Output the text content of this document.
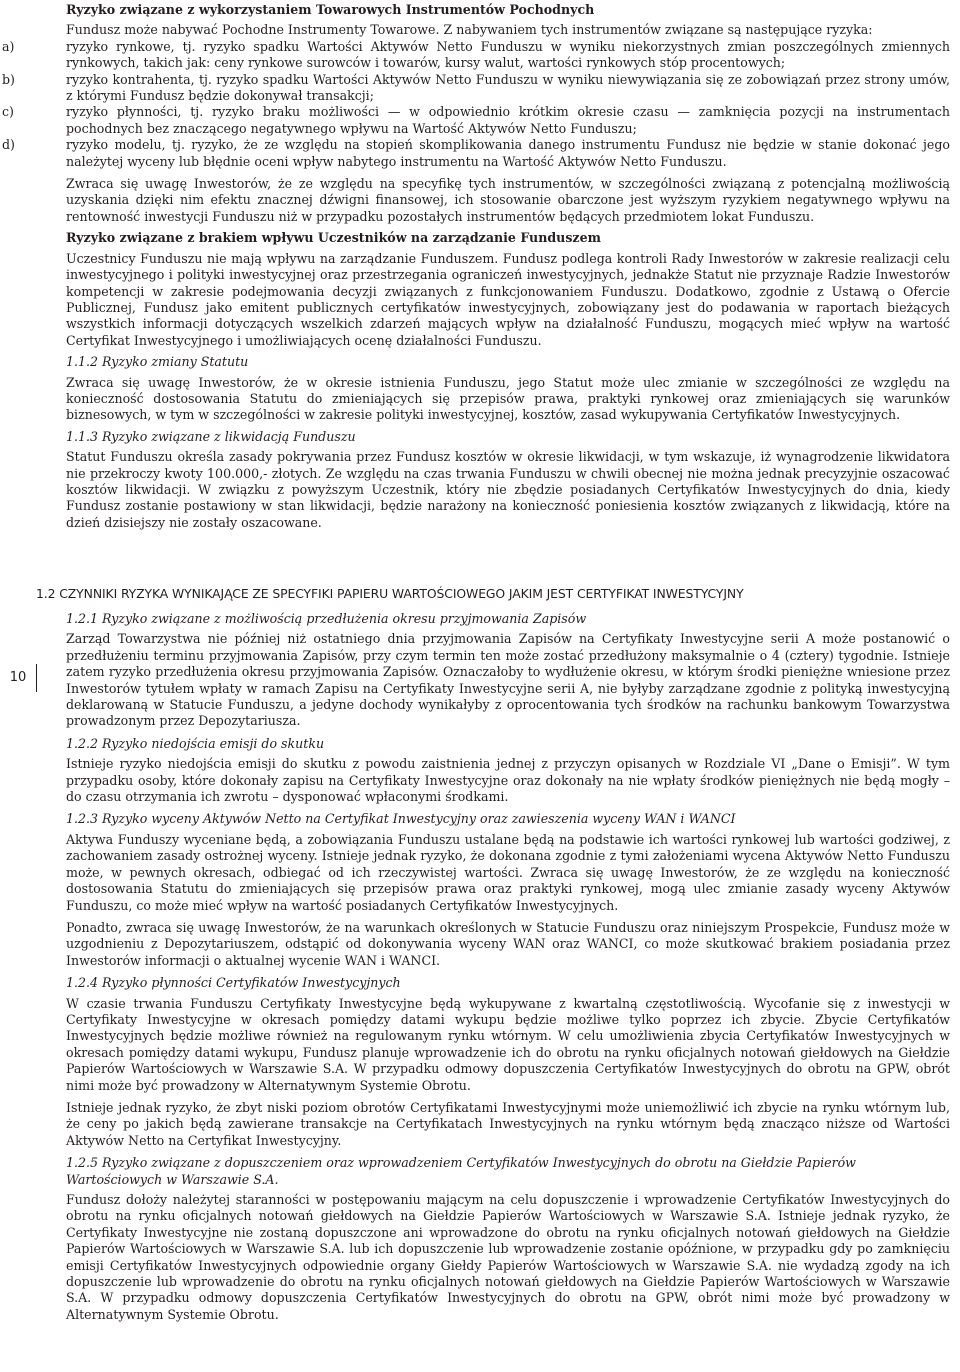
Ryzyko związane z wykorzystaniem Towarowych Instrumentów Pochodnych

Fundusz może nabywać Pochodne Instrumenty Towarowe. Z nabywaniem tych instrumentów związane są następujące ryzyka:

a)	ryzyko rynkowe, tj. ryzyko spadku Wartości Aktywów Netto Funduszu w wyniku niekorzystnych zmian poszczególnych zmiennych rynkowych, takich jak: ceny rynkowe surowców i towarów, kursy walut, wartości rynkowych stóp procentowych;
b)	ryzyko kontrahenta, tj. ryzyko spadku Wartości Aktywów Netto Funduszu w wyniku niewywiązania się ze zobowiązań przez strony umów, z którymi Fundusz będzie dokonywał transakcji;
c)	ryzyko płynności, tj. ryzyko braku możliwości — w odpowiednio krótkim okresie czasu — zamknięcia pozycji na instrumentach pochodnych bez znaczącego negatywnego wpływu na Wartość Aktywów Netto Funduszu;
d)	ryzyko modelu, tj. ryzyko, że ze względu na stopień skomplikowania danego instrumentu Fundusz nie będzie w stanie dokonać jego należytej wyceny lub błędnie oceni wpływ nabytego instrumentu na Wartość Aktywów Netto Funduszu.

Zwraca się uwagę Inwestorów, że ze względu na specyfikę tych instrumentów, w szczególności związaną z potencjalną możliwością uzyskania dzięki nim efektu znacznej dźwigni finansowej, ich stosowanie obarczone jest wyższym ryzykiem negatywnego wpływu na rentowność inwestycji Funduszu niż w przypadku pozostałych instrumentów będących przedmiotem lokat Funduszu.

Ryzyko związane z brakiem wpływu Uczestników na zarządzanie Funduszem

Uczestnicy Funduszu nie mają wpływu na zarządzanie Funduszem. Fundusz podlega kontroli Rady Inwestorów w zakresie realizacji celu inwestycyjnego i polityki inwestycyjnej oraz przestrzegania ograniczeń inwestycyjnych, jednakże Statut nie przyznaje Radzie Inwestorów kompetencji w zakresie podejmowania decyzji związanych z funkcjonowaniem Funduszu. Dodatkowo, zgodnie z Ustawą o Ofercie Publicznej, Fundusz jako emitent publicznych certyfikatów inwestycyjnych, zobowiązany jest do podawania w raportach bieżących wszystkich informacji dotyczących wszelkich zdarzeń mających wpływ na działalność Funduszu, mogących mieć wpływ na wartość Certyfikat Inwestycyjnego i umożliwiających ocenę działalności Funduszu.

1.1.2 Ryzyko zmiany Statutu

Zwraca się uwagę Inwestorów, że w okresie istnienia Funduszu, jego Statut może ulec zmianie w szczególności ze względu na konieczność dostosowania Statutu do zmieniających się przepisów prawa, praktyki rynkowej oraz zmieniających się warunków biznesowych, w tym w szczególności w zakresie polityki inwestycyjnej, kosztów, zasad wykupywania Certyfikatów Inwestycyjnych.

1.1.3 Ryzyko związane z likwidacją Funduszu

Statut Funduszu określa zasady pokrywania przez Fundusz kosztów w okresie likwidacji, w tym wskazuje, iż wynagrodzenie likwidatora nie przekroczy kwoty 100.000,- złotych. Ze względu na czas trwania Funduszu w chwili obecnej nie można jednak precyzyjnie oszacować kosztów likwidacji. W związku z powyższym Uczestnik, który nie zbędzie posiadanych Certyfikatów Inwestycyjnych do dnia, kiedy Fundusz zostanie postawiony w stan likwidacji, będzie narażony na konieczność poniesienia kosztów związanych z likwidacją, które na dzień dzisiejszy nie zostały oszacowane.

1.2 CZYNNIKI RYZYKA WYNIKAJĄCE ZE SPECYFIKI PAPIERU WARTOŚCIOWEGO JAKIM JEST CERTYFIKAT INWESTYCYJNY
10
1.2.1 Ryzyko związane z możliwością przedłużenia okresu przyjmowania Zapisów

Zarząd Towarzystwa nie później niż ostatniego dnia przyjmowania Zapisów na Certyfikaty Inwestycyjne serii A może postanowić o przedłużeniu terminu przyjmowania Zapisów, przy czym termin ten może zostać przedłużony maksymalnie o 4 (cztery) tygodnie. Istnieje zatem ryzyko przedłużenia okresu przyjmowania Zapisów. Oznaczałoby to wydłużenie okresu, w którym środki pieniężne wniesione przez Inwestorów tytułem wpłaty w ramach Zapisu na Certyfikaty Inwestycyjne serii A, nie byłyby zarządzane zgodnie z polityką inwestycyjną deklarowaną w Statucie Funduszu, a jedyne dochody wynikałyby z oprocentowania tych środków na rachunku bankowym Towarzystwa prowadzonym przez Depozytariusza.

1.2.2 Ryzyko niedojścia emisji do skutku

Istnieje ryzyko niedojścia emisji do skutku z powodu zaistnienia jednej z przyczyn opisanych w Rozdziale VI „Dane o Emisji”. W tym przypadku osoby, które dokonały zapisu na Certyfikaty Inwestycyjne oraz dokonały na nie wpłaty środków pieniężnych nie będą mogły – do czasu otrzymania ich zwrotu – dysponować wpłaconymi środkami.

1.2.3 Ryzyko wyceny Aktywów Netto na Certyfikat Inwestycyjny oraz zawieszenia wyceny WAN i WANCI

Aktywa Funduszy wyceniane będą, a zobowiązania Funduszu ustalane będą na podstawie ich wartości rynkowej lub wartości godziwej, z zachowaniem zasady ostrożnej wyceny. Istnieje jednak ryzyko, że dokonana zgodnie z tymi założeniami wycena Aktywów Netto Funduszu może, w pewnych okresach, odbiegać od ich rzeczywistej wartości. Zwraca się uwagę Inwestorów, że ze względu na konieczność dostosowania Statutu do zmieniających się przepisów prawa oraz praktyki rynkowej, mogą ulec zmianie zasady wyceny Aktywów Funduszu, co może mieć wpływ na wartość posiadanych Certyfikatów Inwestycyjnych.

Ponadto, zwraca się uwagę Inwestorów, że na warunkach określonych w Statucie Funduszu oraz niniejszym Prospekcie, Fundusz może w uzgodnieniu z Depozytariuszem, odstąpić od dokonywania wyceny WAN oraz WANCI, co może skutkować brakiem posiadania przez Inwestorów informacji o aktualnej wycenie WAN i WANCI.

1.2.4 Ryzyko płynności Certyfikatów Inwestycyjnych

W czasie trwania Funduszu Certyfikaty Inwestycyjne będą wykupywane z kwartalną częstotliwością. Wycofanie się z inwestycji w Certyfikaty Inwestycyjne w okresach pomiędzy datami wykupu będzie możliwe tylko poprzez ich zbycie. Zbycie Certyfikatów Inwestycyjnych będzie możliwe również na regulowanym rynku wtórnym. W celu umożliwienia zbycia Certyfikatów Inwestycyjnych w okresach pomiędzy datami wykupu, Fundusz planuje wprowadzenie ich do obrotu na rynku oficjalnych notowań giełdowych na Giełdzie Papierów Wartościowych w Warszawie S.A. W przypadku odmowy dopuszczenia Certyfikatów Inwestycyjnych do obrotu na GPW, obrót nimi może być prowadzony w Alternatywnym Systemie Obrotu.

Istnieje jednak ryzyko, że zbyt niski poziom obrotów Certyfikatami Inwestycyjnymi może uniemożliwić ich zbycie na rynku wtórnym lub, że ceny po jakich będą zawierane transakcje na Certyfikatach Inwestycyjnych na rynku wtórnym będą znacząco niższe od Wartości Aktywów Netto na Certyfikat Inwestycyjny.

1.2.5 Ryzyko związane z dopuszczeniem oraz wprowadzeniem Certyfikatów Inwestycyjnych do obrotu na Giełdzie Papierów Wartościowych w Warszawie S.A.

Fundusz dołoży należytej staranności w postępowaniu mającym na celu dopuszczenie i wprowadzenie Certyfikatów Inwestycyjnych do obrotu na rynku oficjalnych notowań giełdowych na Giełdzie Papierów Wartościowych w Warszawie S.A. Istnieje jednak ryzyko, że Certyfikaty Inwestycyjne nie zostaną dopuszczone ani wprowadzone do obrotu na rynku oficjalnych notowań giełdowych na Giełdzie Papierów Wartościowych w Warszawie S.A. lub ich dopuszczenie lub wprowadzenie zostanie opóźnione, w przypadku gdy po zamknięciu emisji Certyfikatów Inwestycyjnych odpowiednie organy Giełdy Papierów Wartościowych w Warszawie S.A. nie wydadzą zgody na ich dopuszczenie lub wprowadzenie do obrotu na rynku oficjalnych notowań giełdowych na Giełdzie Papierów Wartościowych w Warszawie S.A. W przypadku odmowy dopuszczenia Certyfikatów Inwestycyjnych do obrotu na GPW, obrót nimi może być prowadzony w Alternatywnym Systemie Obrotu.
